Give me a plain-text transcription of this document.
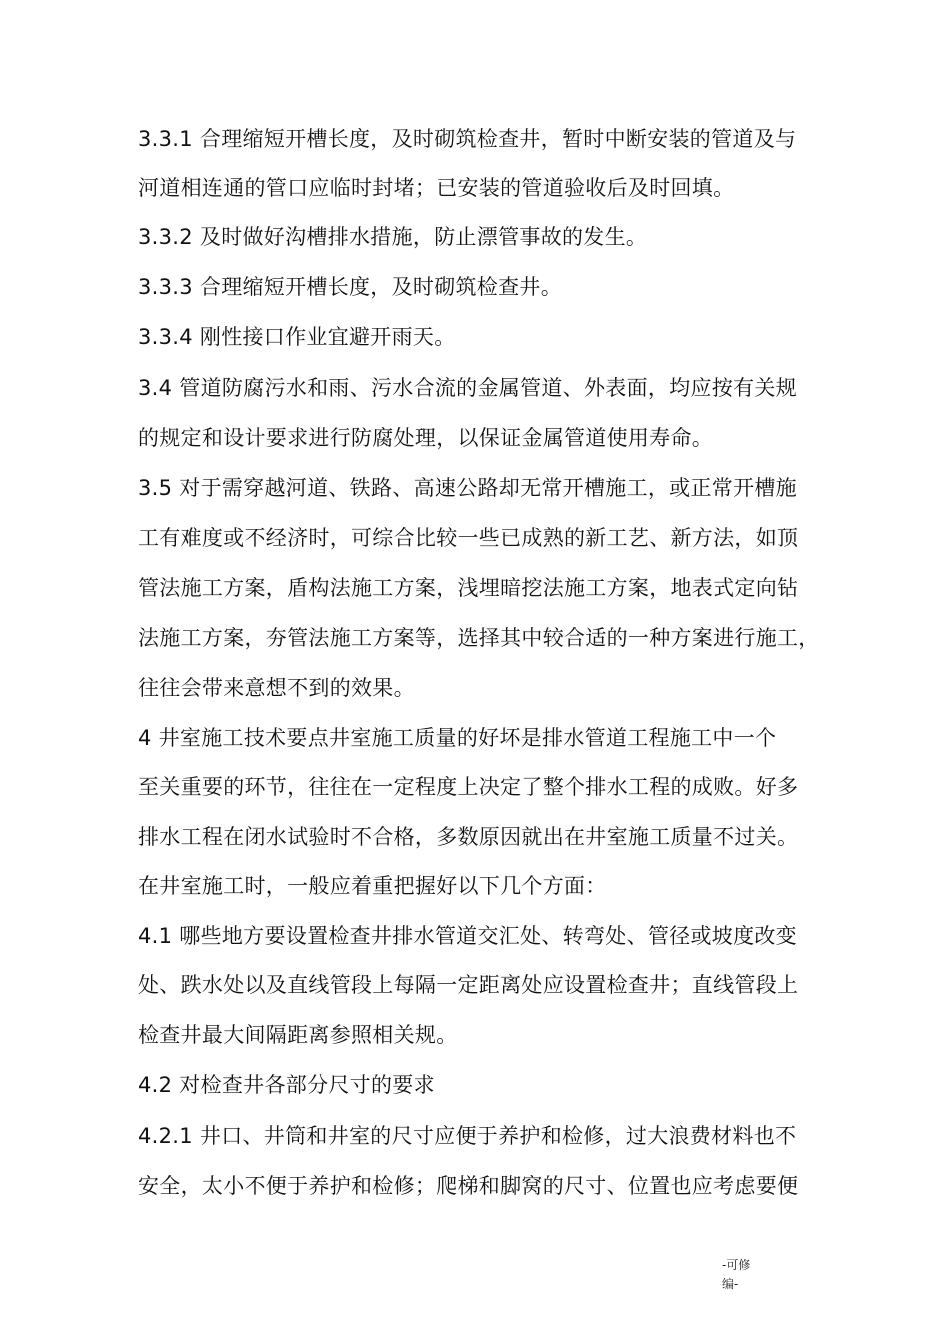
3.3.1 合理缩短开槽长度，及时砌筑检查井，暂时中断安装的管道及与
河道相连通的管口应临时封堵；已安装的管道验收后及时回填。
3.3.2 及时做好沟槽排水措施，防止漂管事故的发生。
3.3.3 合理缩短开槽长度，及时砌筑检查井。
3.3.4 刚性接口作业宜避开雨天。
3.4 管道防腐污水和雨、污水合流的金属管道、外表面，均应按有关规
的规定和设计要求进行防腐处理，以保证金属管道使用寿命。
3.5 对于需穿越河道、铁路、高速公路却无常开槽施工，或正常开槽施
工有难度或不经济时，可综合比较一些已成熟的新工艺、新方法，如顶
管法施工方案，盾构法施工方案，浅埋暗挖法施工方案，地表式定向钻
法施工方案，夯管法施工方案等，选择其中较合适的一种方案进行施工，
往往会带来意想不到的效果。
4 井室施工技术要点井室施工质量的好坏是排水管道工程施工中一个
至关重要的环节，往往在一定程度上决定了整个排水工程的成败。好多
排水工程在闭水试验时不合格，多数原因就出在井室施工质量不过关。
在井室施工时，一般应着重把握好以下几个方面：
4.1 哪些地方要设置检查井排水管道交汇处、转弯处、管径或坡度改变
处、跌水处以及直线管段上每隔一定距离处应设置检查井；直线管段上
检查井最大间隔距离参照相关规。
4.2 对检查井各部分尺寸的要求
4.2.1 井口、井筒和井室的尺寸应便于养护和检修，过大浪费材料也不
安全，太小不便于养护和检修；爬梯和脚窝的尺寸、位置也应考虑要便
-可修
编-
